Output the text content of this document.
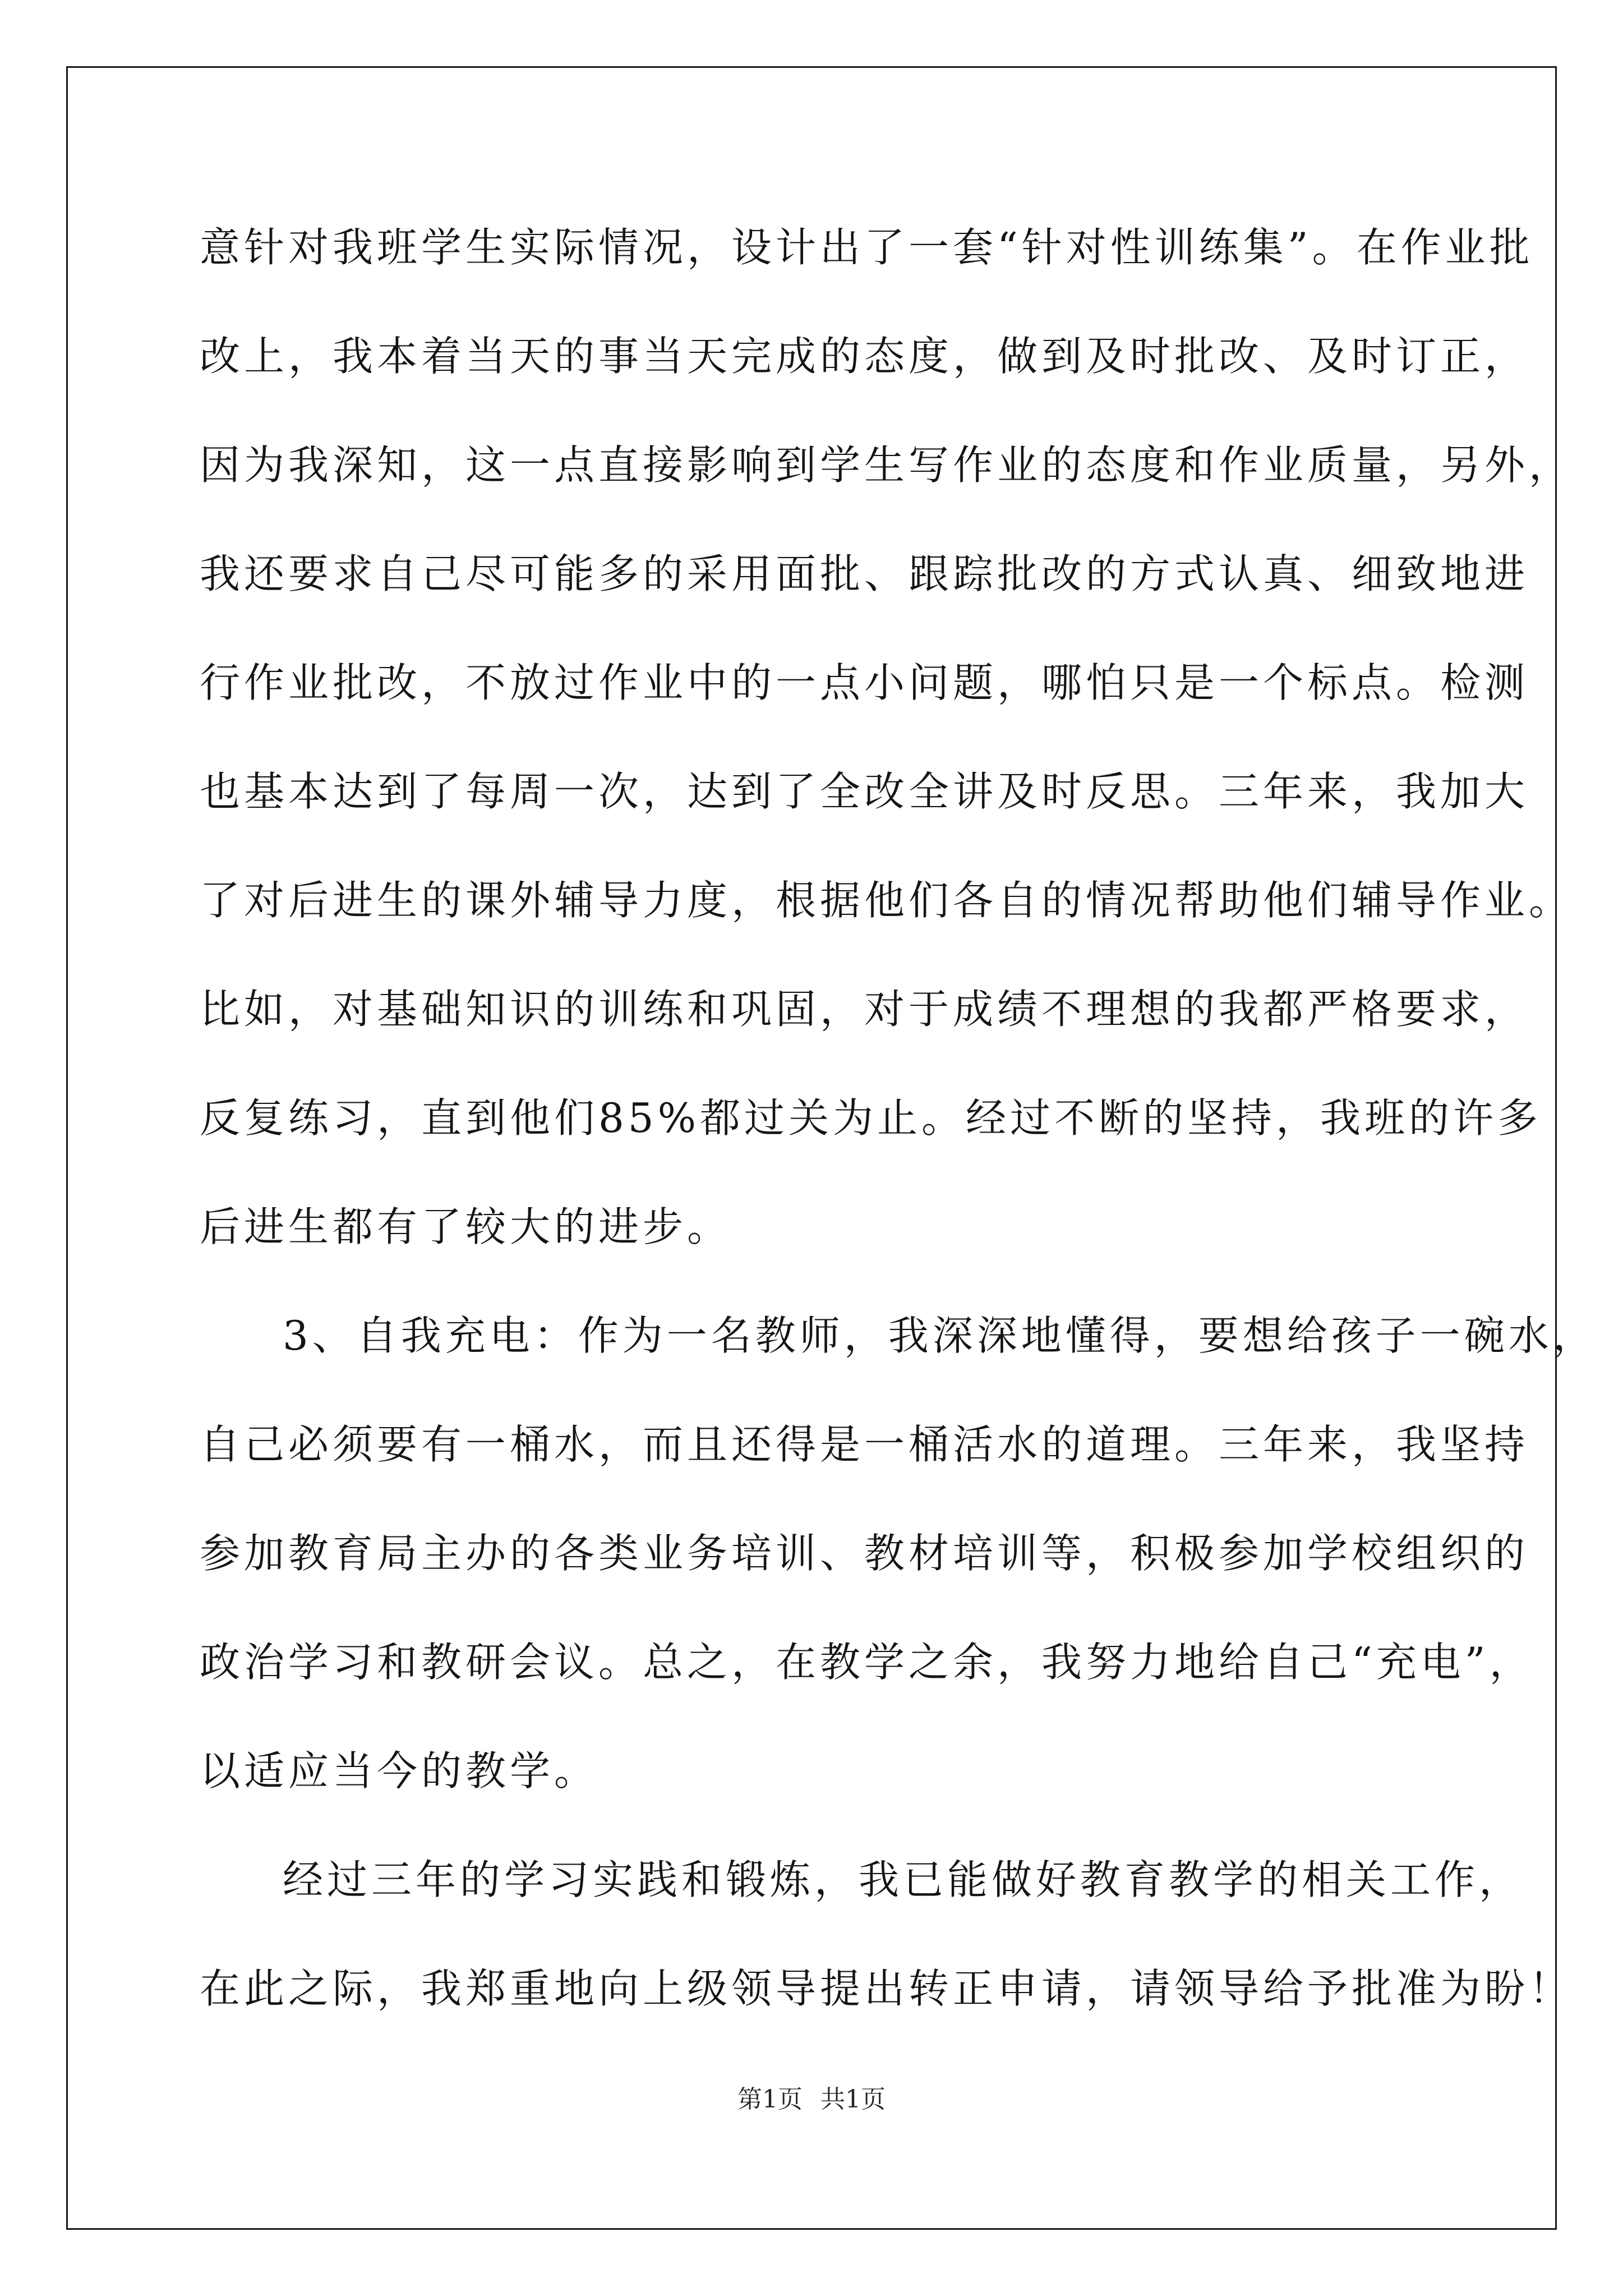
意针对我班学生实际情况，设计出了一套“针对性训练集”。在作业批
改上，我本着当天的事当天完成的态度，做到及时批改、及时订正，
因为我深知，这一点直接影响到学生写作业的态度和作业质量，另外，
我还要求自己尽可能多的采用面批、跟踪批改的方式认真、细致地进
行作业批改，不放过作业中的一点小问题，哪怕只是一个标点。检测
也基本达到了每周一次，达到了全改全讲及时反思。三年来，我加大
了对后进生的课外辅导力度，根据他们各自的情况帮助他们辅导作业。
比如，对基础知识的训练和巩固，对于成绩不理想的我都严格要求，
反复练习，直到他们85%都过关为止。经过不断的坚持，我班的许多
后进生都有了较大的进步。
3、自我充电：作为一名教师，我深深地懂得，要想给孩子一碗水，
自己必须要有一桶水，而且还得是一桶活水的道理。三年来，我坚持
参加教育局主办的各类业务培训、教材培训等，积极参加学校组织的
政治学习和教研会议。总之，在教学之余，我努力地给自己“充电”，
以适应当今的教学。
经过三年的学习实践和锻炼，我已能做好教育教学的相关工作，
在此之际，我郑重地向上级领导提出转正申请，请领导给予批准为盼！
第1页 共1页
